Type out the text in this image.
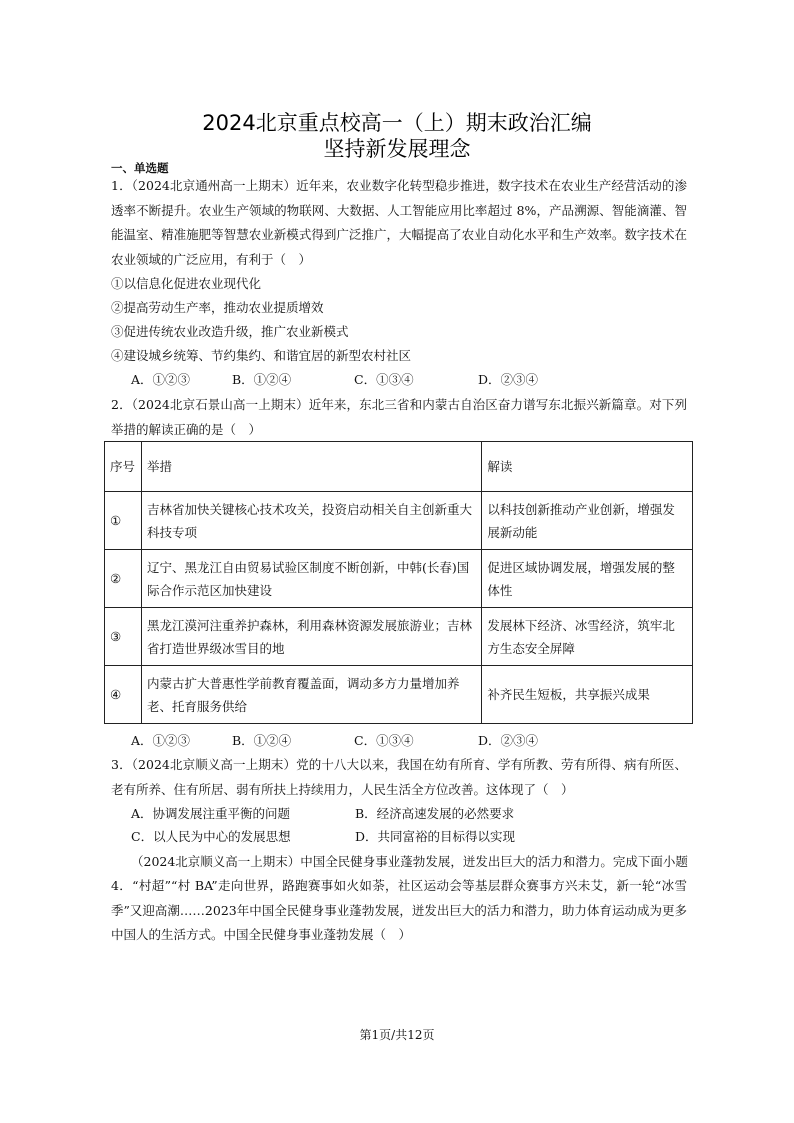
2024北京重点校高一（上）期末政治汇编
坚持新发展理念
一、单选题
1．（2024北京通州高一上期末）近年来，农业数字化转型稳步推进，数字技术在农业生产经营活动的渗透率不断提升。农业生产领域的物联网、大数据、人工智能应用比率超过 8%，产品溯源、智能滴灌、智能温室、精准施肥等智慧农业新模式得到广泛推广，大幅提高了农业自动化水平和生产效率。数字技术在农业领域的广泛应用，有利于（　）
①以信息化促进农业现代化
②提高劳动生产率，推动农业提质增效
③促进传统农业改造升级，推广农业新模式
④建设城乡统筹、节约集约、和谐宜居的新型农村社区
A．①②③	B．①②④	C．①③④	D．②③④
2．（2024北京石景山高一上期末）近年来，东北三省和内蒙古自治区奋力谱写东北振兴新篇章。对下列举措的解读正确的是（　）
序号	举措	解读
①	吉林省加快关键核心技术攻关，投资启动相关自主创新重大科技专项	以科技创新推动产业创新，增强发展新动能
②	辽宁、黑龙江自由贸易试验区制度不断创新，中韩(长春)国际合作示范区加快建设	促进区域协调发展，增强发展的整体性
③	黑龙江漠河注重养护森林，利用森林资源发展旅游业；吉林省打造世界级冰雪目的地	发展林下经济、冰雪经济，筑牢北方生态安全屏障
④	内蒙古扩大普惠性学前教育覆盖面，调动多方力量增加养老、托育服务供给	补齐民生短板，共享振兴成果
A．①②③	B．①②④	C．①③④	D．②③④
3．（2024北京顺义高一上期末）党的十八大以来，我国在幼有所育、学有所教、劳有所得、病有所医、老有所养、住有所居、弱有所扶上持续用力，人民生活全方位改善。这体现了（　）
A．协调发展注重平衡的问题	B．经济高速发展的必然要求
C．以人民为中心的发展思想	D．共同富裕的目标得以实现
（2024北京顺义高一上期末）中国全民健身事业蓬勃发展，迸发出巨大的活力和潜力。完成下面小题
4．“村超”“村 BA”走向世界，路跑赛事如火如荼，社区运动会等基层群众赛事方兴未艾，新一轮“冰雪季”又迎高潮……2023年中国全民健身事业蓬勃发展，迸发出巨大的活力和潜力，助力体育运动成为更多中国人的生活方式。中国全民健身事业蓬勃发展（　）
第1页/共12页
